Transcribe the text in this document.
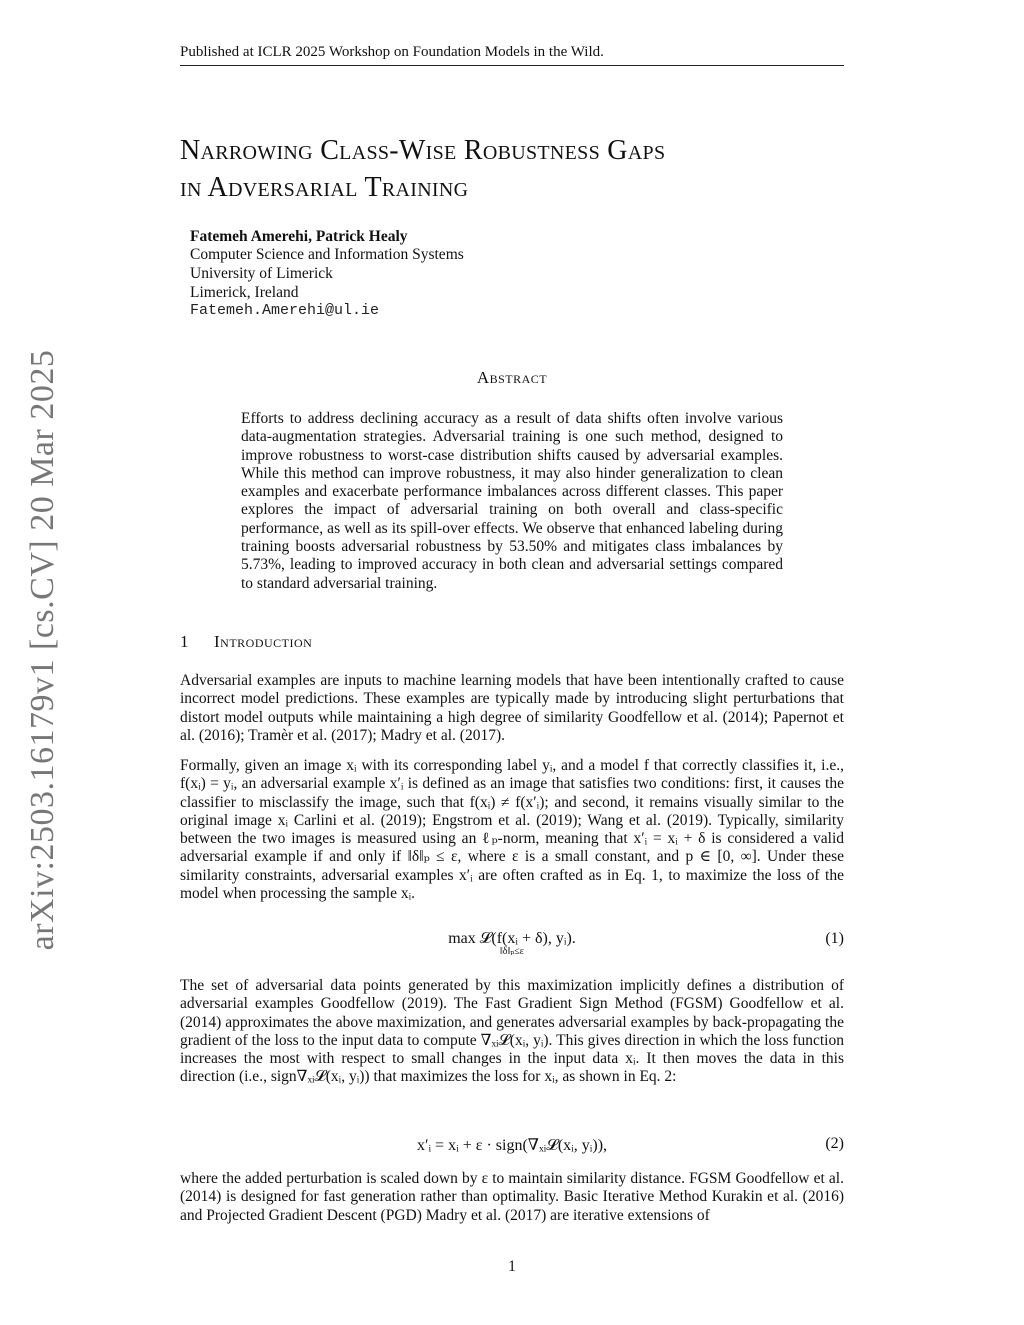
Published at ICLR 2025 Workshop on Foundation Models in the Wild.
arXiv:2503.16179v1 [cs.CV] 20 Mar 2025
Narrowing Class-Wise Robustness Gaps
in Adversarial Training
Fatemeh Amerehi, Patrick Healy
Computer Science and Information Systems
University of Limerick
Limerick, Ireland
Fatemeh.Amerehi@ul.ie
Abstract
Efforts to address declining accuracy as a result of data shifts often involve various data-augmentation strategies. Adversarial training is one such method, designed to improve robustness to worst-case distribution shifts caused by adversarial examples. While this method can improve robustness, it may also hinder generalization to clean examples and exacerbate performance imbalances across different classes. This paper explores the impact of adversarial training on both overall and class-specific performance, as well as its spill-over effects. We observe that enhanced labeling during training boosts adversarial robustness by 53.50% and mitigates class imbalances by 5.73%, leading to improved accuracy in both clean and adversarial settings compared to standard adversarial training.
1 Introduction
Adversarial examples are inputs to machine learning models that have been intentionally crafted to cause incorrect model predictions. These examples are typically made by introducing slight perturbations that distort model outputs while maintaining a high degree of similarity Goodfellow et al. (2014); Papernot et al. (2016); Tramèr et al. (2017); Madry et al. (2017).
Formally, given an image xᵢ with its corresponding label yᵢ, and a model f that correctly classifies it, i.e., f(xᵢ) = yᵢ, an adversarial example x′ᵢ is defined as an image that satisfies two conditions: first, it causes the classifier to misclassify the image, such that f(xᵢ) ≠ f(x′ᵢ); and second, it remains visually similar to the original image xᵢ Carlini et al. (2019); Engstrom et al. (2019); Wang et al. (2019). Typically, similarity between the two images is measured using an ℓₚ-norm, meaning that x′ᵢ = xᵢ + δ is considered a valid adversarial example if and only if ‖δ‖ₚ ≤ ε, where ε is a small constant, and p ∈ [0, ∞]. Under these similarity constraints, adversarial examples x′ᵢ are often crafted as in Eq. 1, to maximize the loss of the model when processing the sample xᵢ.
max 𝓛(f(xᵢ + δ), yᵢ).
‖δ‖ₚ≤ε
(1)
The set of adversarial data points generated by this maximization implicitly defines a distribution of adversarial examples Goodfellow (2019). The Fast Gradient Sign Method (FGSM) Goodfellow et al. (2014) approximates the above maximization, and generates adversarial examples by back-propagating the gradient of the loss to the input data to compute ∇ₓᵢ𝓛(xᵢ, yᵢ). This gives direction in which the loss function increases the most with respect to small changes in the input data xᵢ. It then moves the data in this direction (i.e., sign∇ₓᵢ𝓛(xᵢ, yᵢ)) that maximizes the loss for xᵢ, as shown in Eq. 2:
x′ᵢ = xᵢ + ε · sign(∇ₓᵢ𝓛(xᵢ, yᵢ)),	(2)
where the added perturbation is scaled down by ε to maintain similarity distance. FGSM Goodfellow et al. (2014) is designed for fast generation rather than optimality. Basic Iterative Method Kurakin et al. (2016) and Projected Gradient Descent (PGD) Madry et al. (2017) are iterative extensions of
1
